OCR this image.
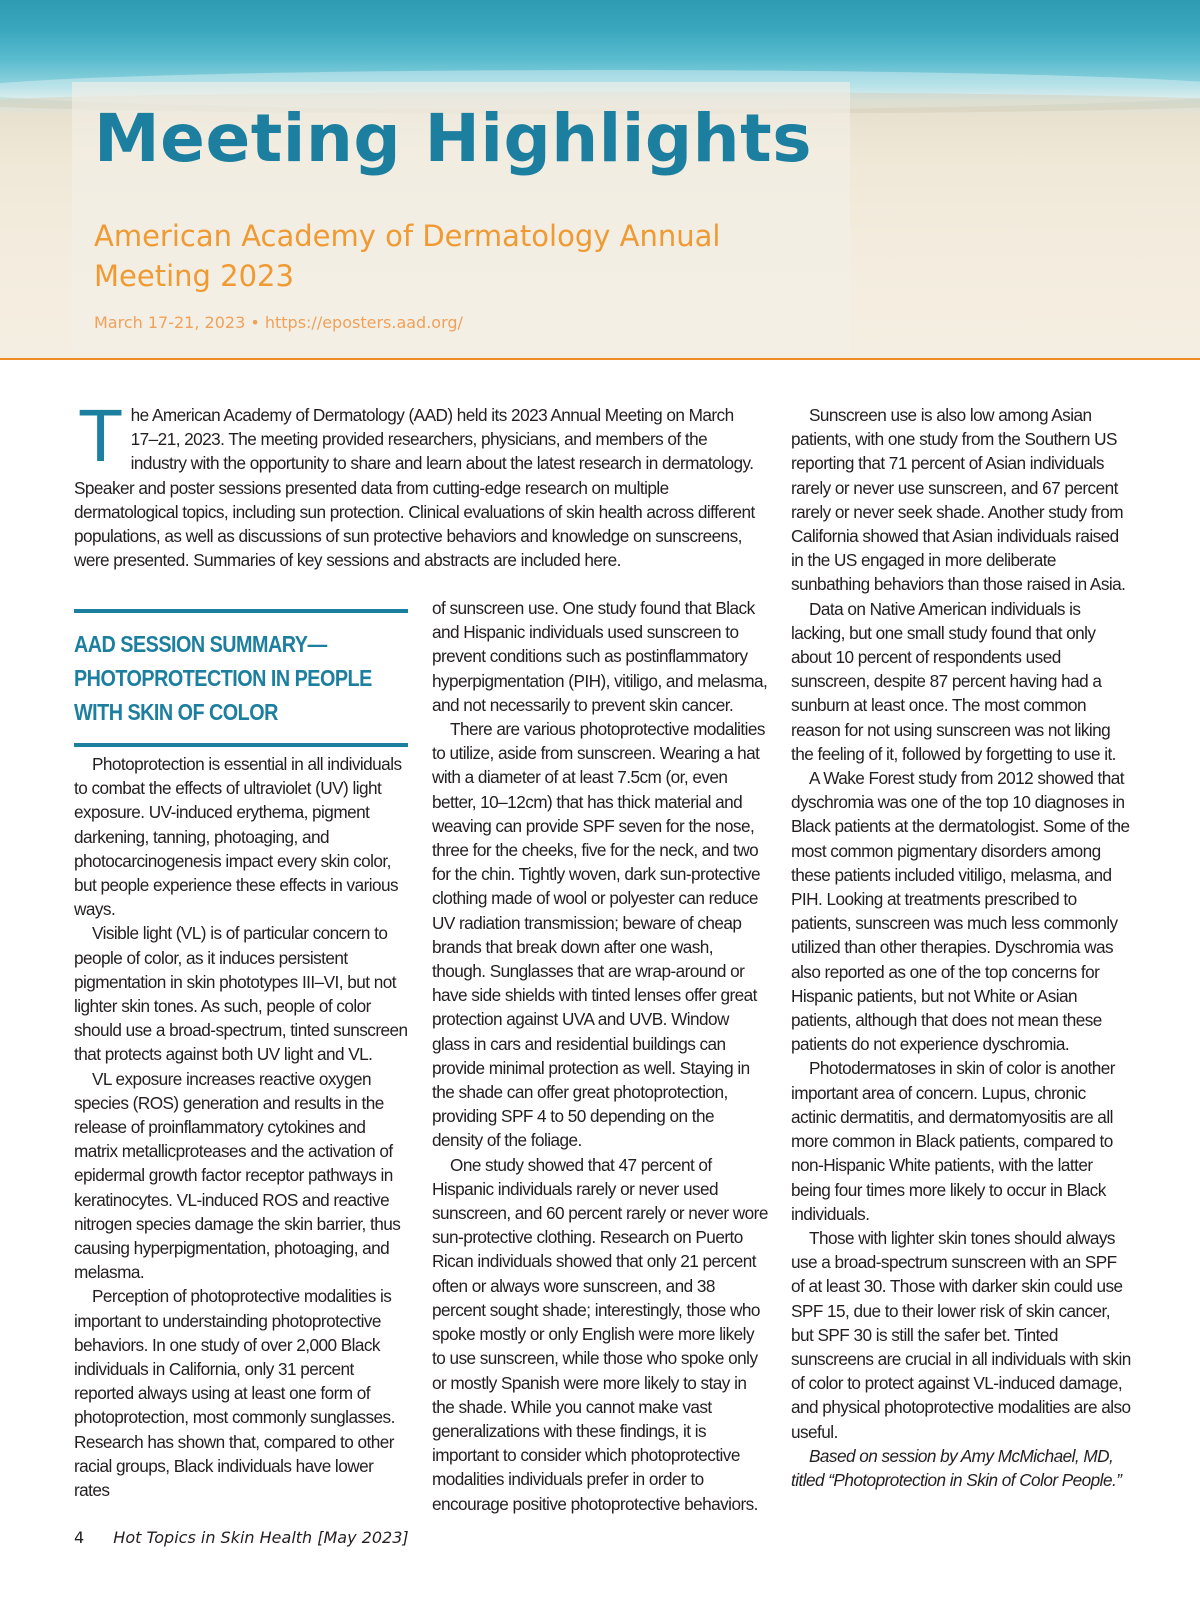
Meeting Highlights
American Academy of Dermatology Annual Meeting 2023
March 17-21, 2023 • https://eposters.aad.org/
T he American Academy of Dermatology (AAD) held its 2023 Annual Meeting on March 17–21, 2023. The meeting provided researchers, physicians, and members of the industry with the opportunity to share and learn about the latest research in dermatology. Speaker and poster sessions presented data from cutting-edge research on multiple dermatological topics, including sun protection. Clinical evaluations of skin health across different populations, as well as discussions of sun protective behaviors and knowledge on sunscreens, were presented. Summaries of key sessions and abstracts are included here.
AAD SESSION SUMMARY—PHOTOPROTECTION IN PEOPLE WITH SKIN OF COLOR

Photoprotection is essential in all individuals to combat the effects of ultraviolet (UV) light exposure. UV-induced erythema, pigment darkening, tanning, photoaging, and photocarcinogenesis impact every skin color, but people experience these effects in various ways.

Visible light (VL) is of particular concern to people of color, as it induces persistent pigmentation in skin phototypes III–VI, but not lighter skin tones. As such, people of color should use a broad-spectrum, tinted sunscreen that protects against both UV light and VL.

VL exposure increases reactive oxygen species (ROS) generation and results in the release of proinflammatory cytokines and matrix metallicproteases and the activation of epidermal growth factor receptor pathways in keratinocytes. VL-induced ROS and reactive nitrogen species damage the skin barrier, thus causing hyperpigmentation, photoaging, and melasma.

Perception of photoprotective modalities is important to understainding photoprotective behaviors. In one study of over 2,000 Black individuals in California, only 31 percent reported always using at least one form of photoprotection, most commonly sunglasses. Research has shown that, compared to other racial groups, Black individuals have lower rates

of sunscreen use. One study found that Black and Hispanic individuals used sunscreen to prevent conditions such as postinflammatory hyperpigmentation (PIH), vitiligo, and melasma, and not necessarily to prevent skin cancer.

There are various photoprotective modalities to utilize, aside from sunscreen. Wearing a hat with a diameter of at least 7.5cm (or, even better, 10–12cm) that has thick material and weaving can provide SPF seven for the nose, three for the cheeks, five for the neck, and two for the chin. Tightly woven, dark sun-protective clothing made of wool or polyester can reduce UV radiation transmission; beware of cheap brands that break down after one wash, though. Sunglasses that are wrap-around or have side shields with tinted lenses offer great protection against UVA and UVB. Window glass in cars and residential buildings can provide minimal protection as well. Staying in the shade can offer great photoprotection, providing SPF 4 to 50 depending on the density of the foliage.

One study showed that 47 percent of Hispanic individuals rarely or never used sunscreen, and 60 percent rarely or never wore sun-protective clothing. Research on Puerto Rican individuals showed that only 21 percent often or always wore sunscreen, and 38 percent sought shade; interestingly, those who spoke mostly or only English were more likely to use sunscreen, while those who spoke only or mostly Spanish were more likely to stay in the shade. While you cannot make vast generalizations with these findings, it is important to consider which photoprotective modalities individuals prefer in order to encourage positive photoprotective behaviors.

Sunscreen use is also low among Asian patients, with one study from the Southern US reporting that 71 percent of Asian individuals rarely or never use sunscreen, and 67 percent rarely or never seek shade. Another study from California showed that Asian individuals raised in the US engaged in more deliberate sunbathing behaviors than those raised in Asia.

Data on Native American individuals is lacking, but one small study found that only about 10 percent of respondents used sunscreen, despite 87 percent having had a sunburn at least once. The most common reason for not using sunscreen was not liking the feeling of it, followed by forgetting to use it.

A Wake Forest study from 2012 showed that dyschromia was one of the top 10 diagnoses in Black patients at the dermatologist. Some of the most common pigmentary disorders among these patients included vitiligo, melasma, and PIH. Looking at treatments prescribed to patients, sunscreen was much less commonly utilized than other therapies. Dyschromia was also reported as one of the top concerns for Hispanic patients, but not White or Asian patients, although that does not mean these patients do not experience dyschromia.

Photodermatoses in skin of color is another important area of concern. Lupus, chronic actinic dermatitis, and dermatomyositis are all more common in Black patients, compared to non-Hispanic White patients, with the latter being four times more likely to occur in Black individuals.

Those with lighter skin tones should always use a broad-spectrum sunscreen with an SPF of at least 30. Those with darker skin could use SPF 15, due to their lower risk of skin cancer, but SPF 30 is still the safer bet. Tinted sunscreens are crucial in all individuals with skin of color to protect against VL-induced damage, and physical photoprotective modalities are also useful.

Based on session by Amy McMichael, MD, titled “Photoprotection in Skin of Color People.”

4 Hot Topics in Skin Health [May 2023]
